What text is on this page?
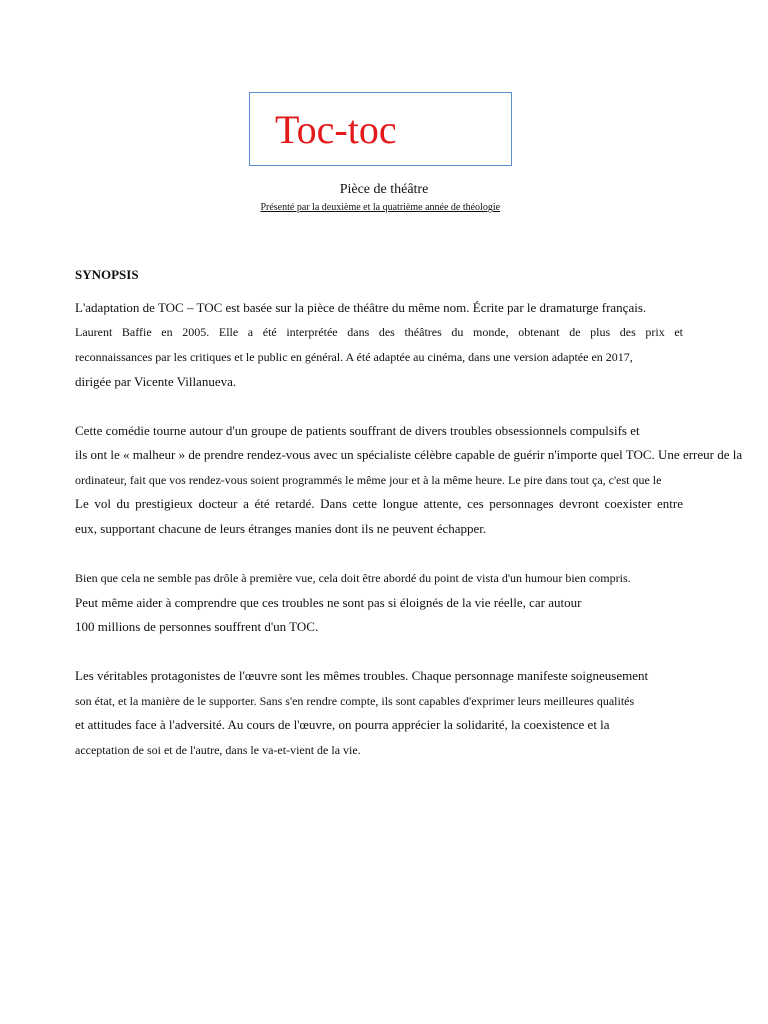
Toc-toc
Pièce de théâtre
Présenté par la deuxième et la quatrième année de théologie
SYNOPSIS
L'adaptation de TOC – TOC est basée sur la pièce de théâtre du même nom. Écrite par le dramaturge français.
Laurent Baffie en 2005. Elle a été interprétée dans des théâtres du monde, obtenant de plus des prix et
reconnaissances par les critiques et le public en général. A été adaptée au cinéma, dans une version adaptée en 2017,
dirigée par Vicente Villanueva.
Cette comédie tourne autour d'un groupe de patients souffrant de divers troubles obsessionnels compulsifs et
ils ont le « malheur » de prendre rendez-vous avec un spécialiste célèbre capable de guérir n'importe quel TOC. Une erreur de la
ordinateur, fait que vos rendez-vous soient programmés le même jour et à la même heure. Le pire dans tout ça, c'est que le
Le vol du prestigieux docteur a été retardé. Dans cette longue attente, ces personnages devront coexister entre
eux, supportant chacune de leurs étranges manies dont ils ne peuvent échapper.
Bien que cela ne semble pas drôle à première vue, cela doit être abordé du point de vista d'un humour bien compris.
Peut même aider à comprendre que ces troubles ne sont pas si éloignés de la vie réelle, car autour
100 millions de personnes souffrent d'un TOC.
Les véritables protagonistes de l'œuvre sont les mêmes troubles. Chaque personnage manifeste soigneusement
son état, et la manière de le supporter. Sans s'en rendre compte, ils sont capables d'exprimer leurs meilleures qualités
et attitudes face à l'adversité. Au cours de l'œuvre, on pourra apprécier la solidarité, la coexistence et la
acceptation de soi et de l'autre, dans le va-et-vient de la vie.
